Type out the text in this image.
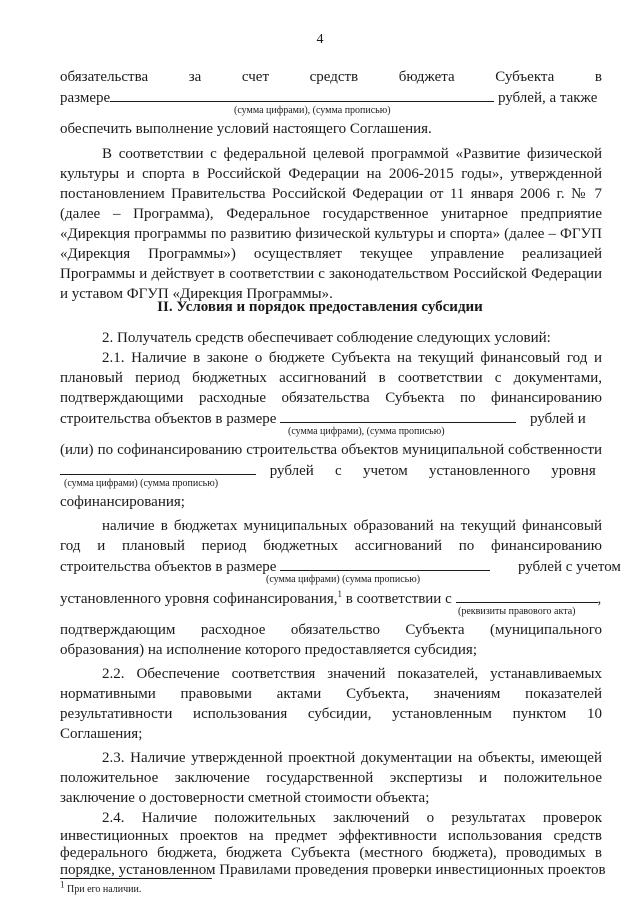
4
обязательства за счет средств бюджета Субъекта в
размере	рублей, а также
(сумма цифрами), (сумма прописью)
обеспечить выполнение условий настоящего Соглашения.
В соответствии с федеральной целевой программой «Развитие физической
культуры и спорта в Российской Федерации на 2006-2015 годы», утвержденной
постановлением Правительства Российской Федерации от 11 января 2006 г. № 7
(далее – Программа), Федеральное государственное унитарное предприятие
«Дирекция программы по развитию физической культуры и спорта» (далее – ФГУП
«Дирекция Программы») осуществляет текущее управление реализацией
Программы и действует в соответствии с законодательством Российской Федерации
и уставом ФГУП «Дирекция Программы».
II. Условия и порядок предоставления субсидии
2. Получатель средств обеспечивает соблюдение следующих условий:
2.1. Наличие в законе о бюджете Субъекта на текущий финансовый год и
плановый период бюджетных ассигнований в соответствии с документами,
подтверждающими расходные обязательства Субъекта по финансированию
строительства объектов в размере	рублей и
(сумма цифрами), (сумма прописью)
(или) по софинансированию строительства объектов муниципальной собственности
рублей с учетом установленного уровня
(сумма цифрами) (сумма прописью)
софинансирования;
наличие в бюджетах муниципальных образований на текущий финансовый
год и плановый период бюджетных ассигнований по финансированию
строительства объектов в размере	рублей с учетом
(сумма цифрами) (сумма прописью)
установленного уровня софинансирования,$^1$ в соответствии с	,
(реквизиты правового акта)
подтверждающим расходное обязательство Субъекта (муниципального
образования) на исполнение которого предоставляется субсидия;
2.2. Обеспечение соответствия значений показателей, устанавливаемых
нормативными правовыми актами Субъекта, значениям показателей
результативности использования субсидии, установленным пунктом 10
Соглашения;
2.3. Наличие утвержденной проектной документации на объекты, имеющей
положительное заключение государственной экспертизы и положительное
заключение о достоверности сметной стоимости объекта;
2.4. Наличие положительных заключений о результатах проверок
$^1$ При его наличии.
инвестиционных проектов на предмет эффективности использования средств
федерального бюджета, бюджета Субъекта (местного бюджета), проводимых в
порядке, установленном Правилами проведения проверки инвестиционных проектов
